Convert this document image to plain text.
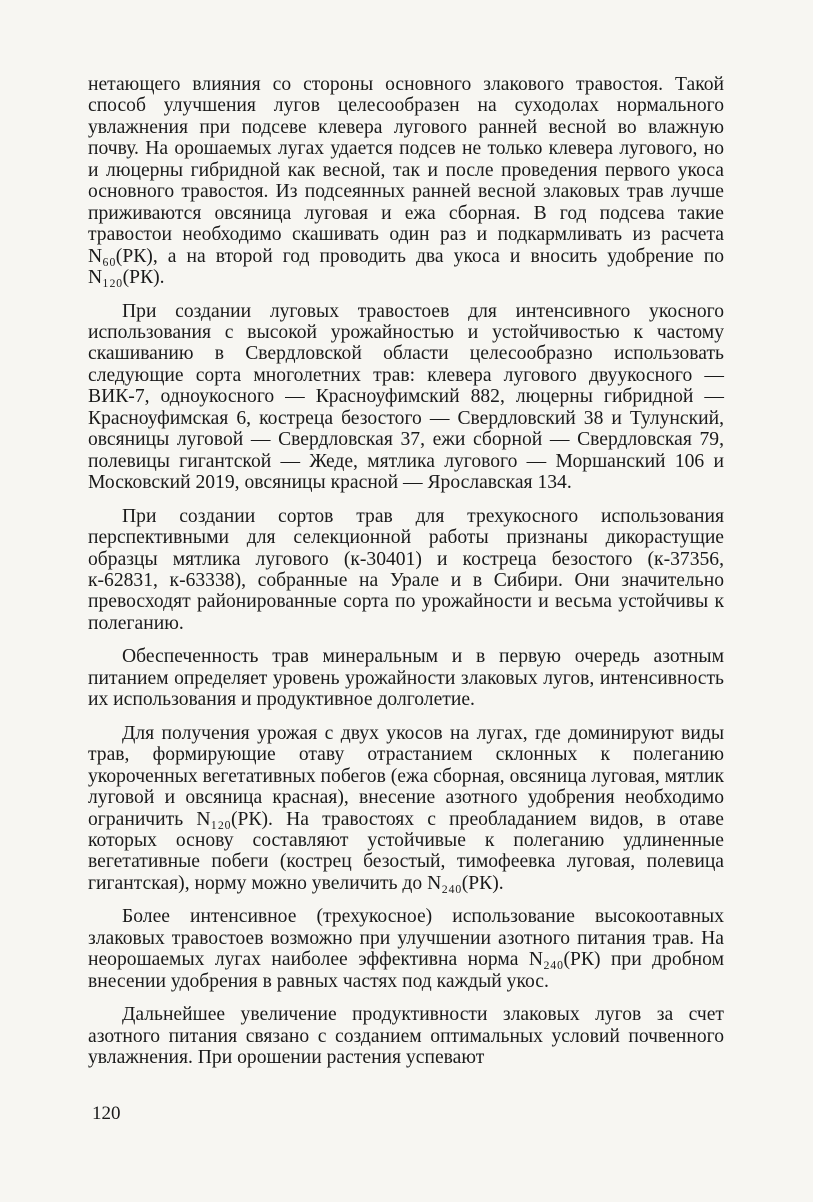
нетающего влияния со стороны основного злакового травостоя. Такой способ улучшения лугов целесообразен на суходолах нормального увлажнения при подсеве клевера лугового ранней весной во влажную почву. На орошаемых лугах удается подсев не только клевера лугового, но и люцерны гибридной как весной, так и после проведения первого укоса основного травостоя. Из подсеянных ранней весной злаковых трав лучше приживаются овсяница луговая и ежа сборная. В год подсева такие травостои необходимо скашивать один раз и подкармливать из расчета N₆₀(РК), а на второй год проводить два укоса и вносить удобрение по N₁₂₀(РК).

При создании луговых травостоев для интенсивного укосного использования с высокой урожайностью и устойчивостью к частому скашиванию в Свердловской области целесообразно использовать следующие сорта многолетних трав: клевера лугового двуукосного — ВИК-7, одноукосного — Красноуфимский 882, люцерны гибридной — Красноуфимская 6, костреца безостого — Свердловский 38 и Тулунский, овсяницы луговой — Свердловская 37, ежи сборной — Свердловская 79, полевицы гигантской — Жеде, мятлика лугового — Моршанский 106 и Московский 2019, овсяницы красной — Ярославская 134.

При создании сортов трав для трехукосного использования перспективными для селекционной работы признаны дикорастущие образцы мятлика лугового (к-30401) и костреца безостого (к-37356, к-62831, к-63338), собранные на Урале и в Сибири. Они значительно превосходят районированные сорта по урожайности и весьма устойчивы к полеганию.

Обеспеченность трав минеральным и в первую очередь азотным питанием определяет уровень урожайности злаковых лугов, интенсивность их использования и продуктивное долголетие.

Для получения урожая с двух укосов на лугах, где доминируют виды трав, формирующие отаву отрастанием склонных к полеганию укороченных вегетативных побегов (ежа сборная, овсяница луговая, мятлик луговой и овсяница красная), внесение азотного удобрения необходимо ограничить N₁₂₀(РК). На травостоях с преобладанием видов, в отаве которых основу составляют устойчивые к полеганию удлиненные вегетативные побеги (кострец безостый, тимофеевка луговая, полевица гигантская), норму можно увеличить до N₂₄₀(РК).

Более интенсивное (трехукосное) использование высокоотавных злаковых травостоев возможно при улучшении азотного питания трав. На неорошаемых лугах наиболее эффективна норма N₂₄₀(РК) при дробном внесении удобрения в равных частях под каждый укос.

Дальнейшее увеличение продуктивности злаковых лугов за счет азотного питания связано с созданием оптимальных условий почвенного увлажнения. При орошении растения успевают

120
